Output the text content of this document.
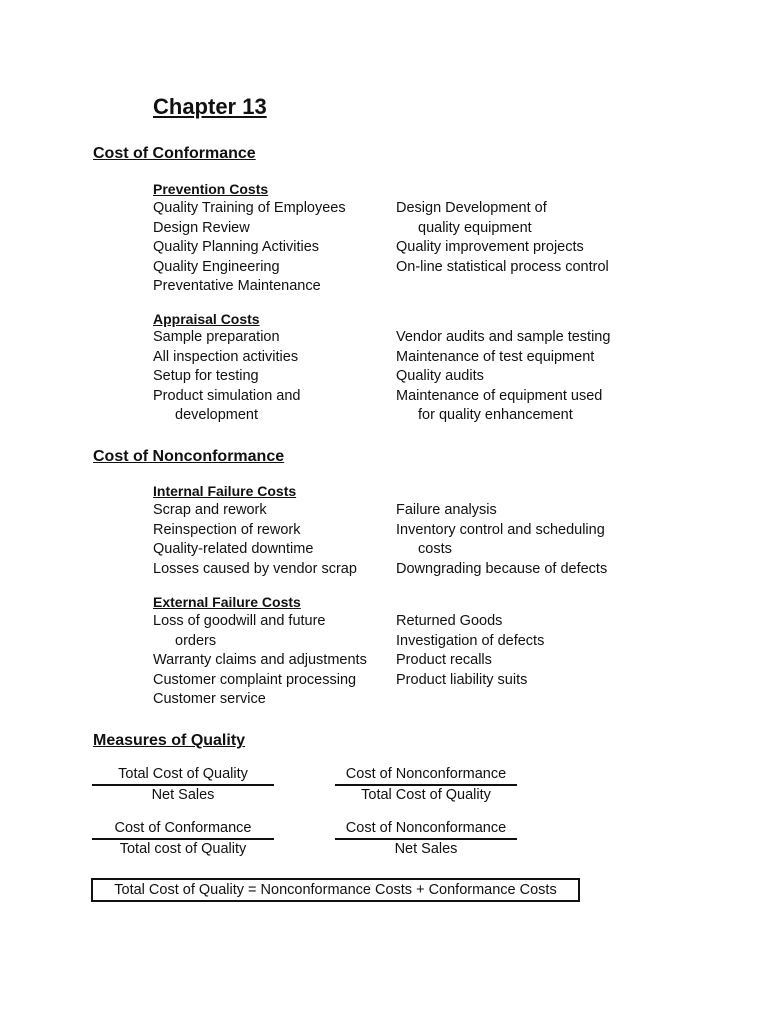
Chapter 13
Cost of Conformance
Prevention Costs
Quality Training of Employees
Design Review
Quality Planning Activities
Quality Engineering
Preventative Maintenance
Design Development of
quality equipment
Quality improvement projects
On-line statistical process control
Appraisal Costs
Sample preparation
All inspection activities
Setup for testing
Product simulation and
development
Vendor audits and sample testing
Maintenance of test equipment
Quality audits
Maintenance of equipment used
for quality enhancement
Cost of Nonconformance
Internal Failure Costs
Scrap and rework
Reinspection of rework
Quality-related downtime
Losses caused by vendor scrap
Failure analysis
Inventory control and scheduling
costs
Downgrading because of defects
External Failure Costs
Loss of goodwill and future
orders
Warranty claims and adjustments
Customer complaint processing
Customer service
Returned Goods
Investigation of defects
Product recalls
Product liability suits
Measures of Quality
Total Cost of Quality
Net Sales
Cost of Nonconformance
Total Cost of Quality
Cost of Conformance
Total cost of Quality
Cost of Nonconformance
Net Sales
Total Cost of Quality = Nonconformance Costs + Conformance Costs
